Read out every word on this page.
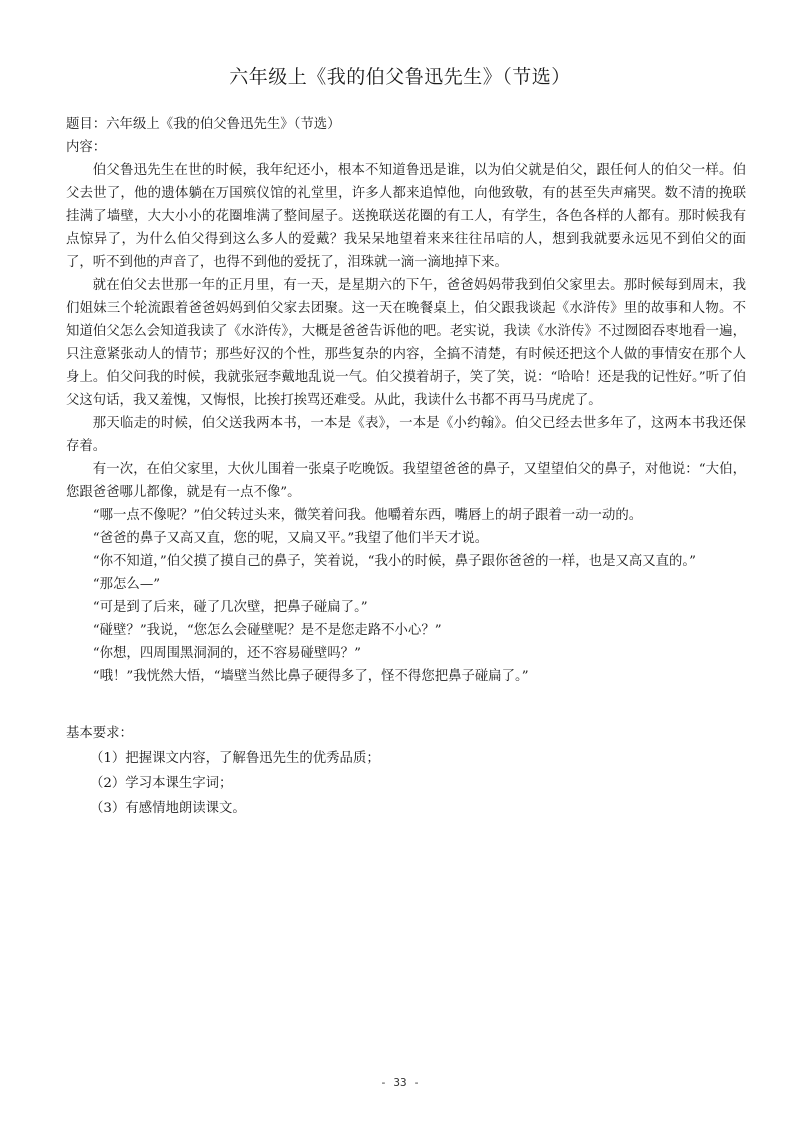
六年级上《我的伯父鲁迅先生》（节选）

题目：六年级上《我的伯父鲁迅先生》（节选）

内容：

伯父鲁迅先生在世的时候，我年纪还小，根本不知道鲁迅是谁，以为伯父就是伯父，跟任何人的伯父一样。伯父去世了，他的遗体躺在万国殡仪馆的礼堂里，许多人都来追悼他，向他致敬，有的甚至失声痛哭。数不清的挽联挂满了墙壁，大大小小的花圈堆满了整间屋子。送挽联送花圈的有工人，有学生，各色各样的人都有。那时候我有点惊异了，为什么伯父得到这么多人的爱戴？我呆呆地望着来来往往吊唁的人，想到我就要永远见不到伯父的面了，听不到他的声音了，也得不到他的爱抚了，泪珠就一滴一滴地掉下来。

就在伯父去世那一年的正月里，有一天，是星期六的下午，爸爸妈妈带我到伯父家里去。那时候每到周末，我们姐妹三个轮流跟着爸爸妈妈到伯父家去团聚。这一天在晚餐桌上，伯父跟我谈起《水浒传》里的故事和人物。不知道伯父怎么会知道我读了《水浒传》，大概是爸爸告诉他的吧。老实说，我读《水浒传》不过囫囵吞枣地看一遍，只注意紧张动人的情节；那些好汉的个性，那些复杂的内容，全搞不清楚，有时候还把这个人做的事情安在那个人身上。伯父问我的时候，我就张冠李戴地乱说一气。伯父摸着胡子，笑了笑，说：“哈哈！还是我的记性好。”听了伯父这句话，我又羞愧，又悔恨，比挨打挨骂还难受。从此，我读什么书都不再马马虎虎了。

那天临走的时候，伯父送我两本书，一本是《表》，一本是《小约翰》。伯父已经去世多年了，这两本书我还保存着。

有一次，在伯父家里，大伙儿围着一张桌子吃晚饭。我望望爸爸的鼻子，又望望伯父的鼻子，对他说：“大伯，您跟爸爸哪儿都像，就是有一点不像”。

“哪一点不像呢？”伯父转过头来，微笑着问我。他嚼着东西，嘴唇上的胡子跟着一动一动的。

“爸爸的鼻子又高又直，您的呢，又扁又平。”我望了他们半天才说。

“你不知道，”伯父摸了摸自己的鼻子，笑着说，“我小的时候，鼻子跟你爸爸的一样，也是又高又直的。”

“那怎么—”

“可是到了后来，碰了几次壁，把鼻子碰扁了。”

“碰壁？”我说，“您怎么会碰壁呢？是不是您走路不小心？”

“你想，四周围黑洞洞的，还不容易碰壁吗？”

“哦！”我恍然大悟，“墙壁当然比鼻子硬得多了，怪不得您把鼻子碰扁了。”

基本要求：

（1）把握课文内容，了解鲁迅先生的优秀品质；

（2）学习本课生字词；

（3）有感情地朗读课文。

- 33 -
